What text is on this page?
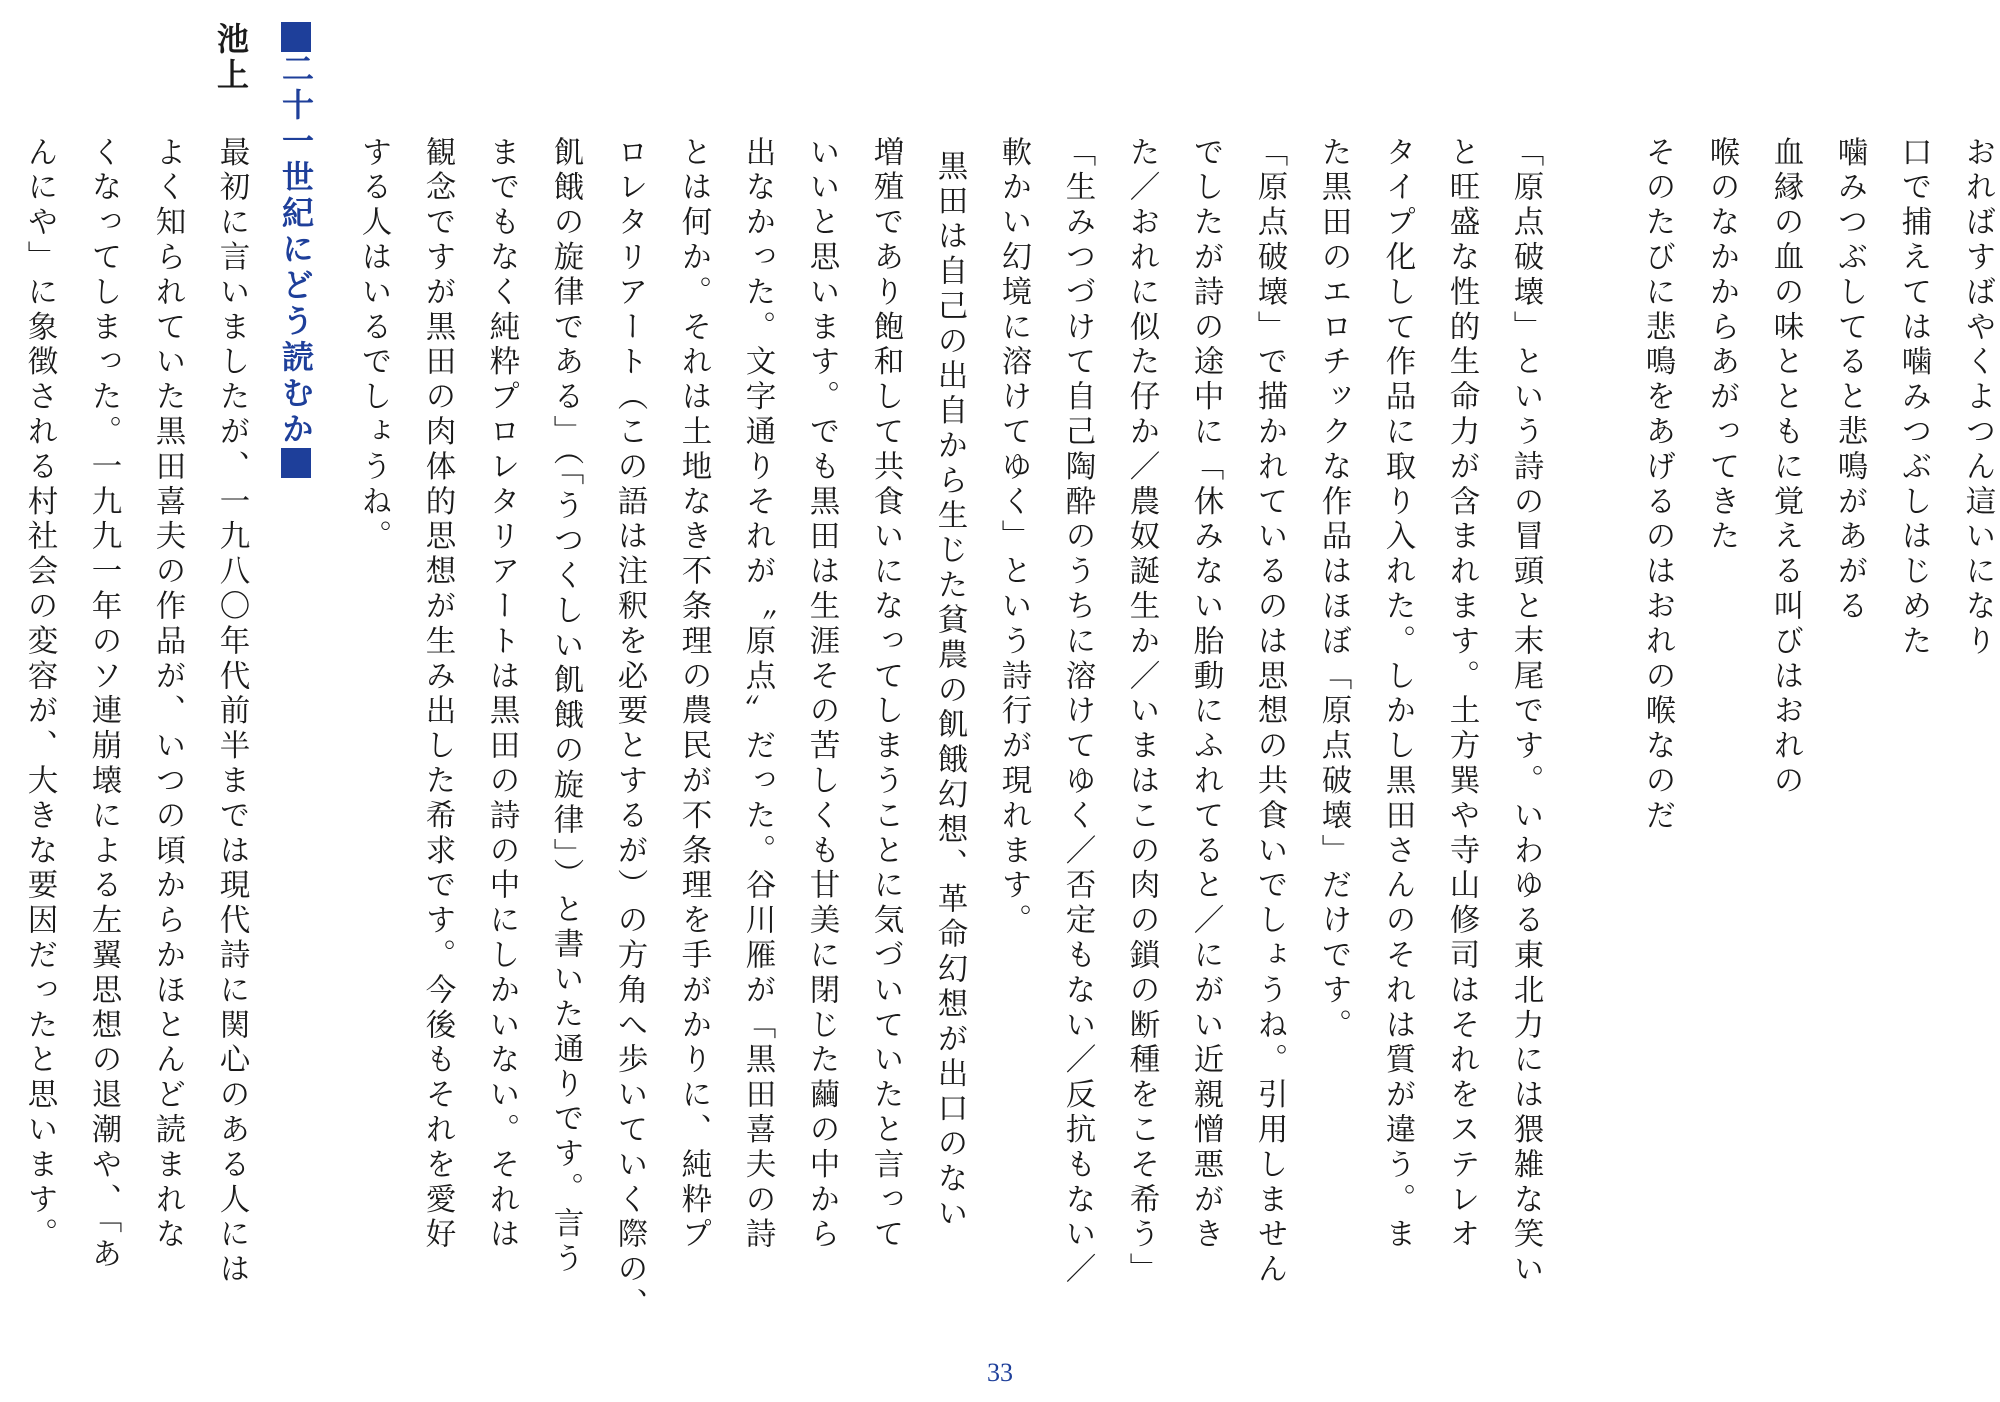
おればすばやくよつん這いになり
口で捕えては噛みつぶしはじめた
噛みつぶしてると悲鳴があがる
血縁の血の味とともに覚える叫びはおれの
喉のなかからあがってきた
そのたびに悲鳴をあげるのはおれの喉なのだ
「原点破壊」という詩の冒頭と末尾です。いわゆる東北力には猥雑な笑い
と旺盛な性的生命力が含まれます。土方巽や寺山修司はそれをステレオ
タイプ化して作品に取り入れた。しかし黒田さんのそれは質が違う。ま
た黒田のエロチックな作品はほぼ「原点破壊」だけです。
「原点破壊」で描かれているのは思想の共食いでしょうね。引用しません
でしたが詩の途中に「休みない胎動にふれてると／にがい近親憎悪がき
た／おれに似た仔か／農奴誕生か／いまはこの肉の鎖の断種をこそ希う」
「生みつづけて自己陶酔のうちに溶けてゆく／否定もない／反抗もない／
軟かい幻境に溶けてゆく」という詩行が現れます。
黒田は自己の出自から生じた貧農の飢餓幻想、革命幻想が出口のない
増殖であり飽和して共食いになってしまうことに気づいていたと言って
いいと思います。でも黒田は生涯その苦しくも甘美に閉じた繭の中から
出なかった。文字通りそれが〝原点〟だった。谷川雁が「黒田喜夫の詩
とは何か。それは土地なき不条理の農民が不条理を手がかりに、純粋プ
ロレタリアート（この語は注釈を必要とするが）の方角へ歩いていく際の、
飢餓の旋律である」（「うつくしい飢餓の旋律」）と書いた通りです。言う
までもなく純粋プロレタリアートは黒田の詩の中にしかいない。それは
観念ですが黒田の肉体的思想が生み出した希求です。今後もそれを愛好
する人はいるでしょうね。
二十一世紀にどう読むか
池上
最初に言いましたが、一九八〇年代前半までは現代詩に関心のある人には
よく知られていた黒田喜夫の作品が、いつの頃からかほとんど読まれな
くなってしまった。一九九一年のソ連崩壊による左翼思想の退潮や、「あ
んにや」に象徴される村社会の変容が、大きな要因だったと思います。
33
